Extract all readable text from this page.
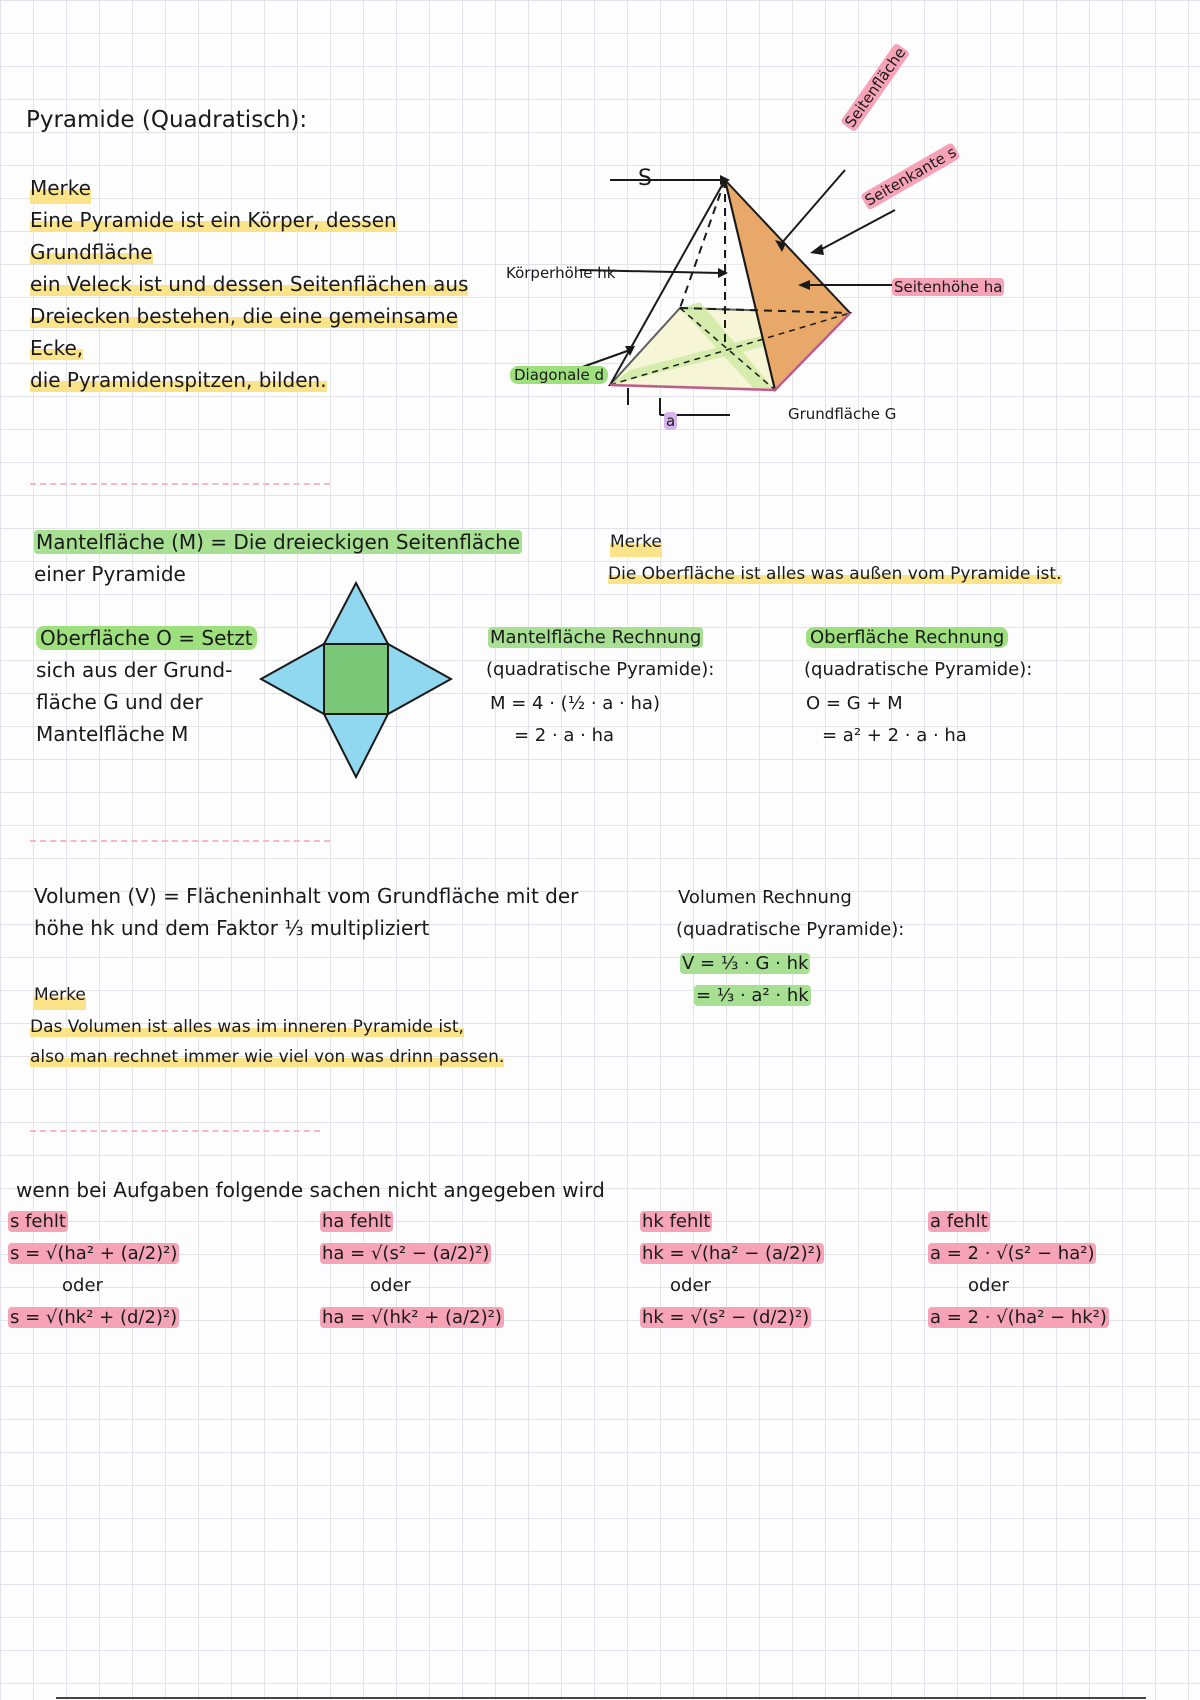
Pyramide (Quadratisch):
Merke
Eine Pyramide ist ein Körper, dessen Grundfläche
ein Veleck ist und dessen Seitenflächen aus
Dreiecken bestehen, die eine gemeinsame Ecke,
die Pyramidenspitzen, bilden.
S
Seitenfläche
Seitenkante s
Körperhöhe hk
Seitenhöhe ha
Diagonale d
Grundfläche G
a
Mantelfläche (M) = Die dreieckigen Seitenfläche
einer Pyramide
Merke
Die Oberfläche ist alles was außen vom Pyramide ist.
Oberfläche O = Setzt
sich aus der Grund-
fläche G und der
Mantelfläche M
Mantelfläche Rechnung
(quadratische Pyramide):
M = 4 · (½ · a · ha)
= 2 · a · ha
Oberfläche Rechnung
(quadratische Pyramide):
O = G + M
= a² + 2 · a · ha
Volumen (V) = Flächeninhalt vom Grundfläche mit der
höhe hk und dem Faktor ⅓ multipliziert
Merke
Das Volumen ist alles was im inneren Pyramide ist,
also man rechnet immer wie viel von was drinn passen.
Volumen Rechnung
(quadratische Pyramide):
V = ⅓ · G · hk
= ⅓ · a² · hk
wenn bei Aufgaben folgende sachen nicht angegeben wird
s fehlt
s = √(ha² + (a/2)²)
oder
s = √(hk² + (d/2)²)
ha fehlt
ha = √(s² − (a/2)²)
oder
ha = √(hk² + (a/2)²)
hk fehlt
hk = √(ha² − (a/2)²)
oder
hk = √(s² − (d/2)²)
a fehlt
a = 2 · √(s² − ha²)
oder
a = 2 · √(ha² − hk²)
